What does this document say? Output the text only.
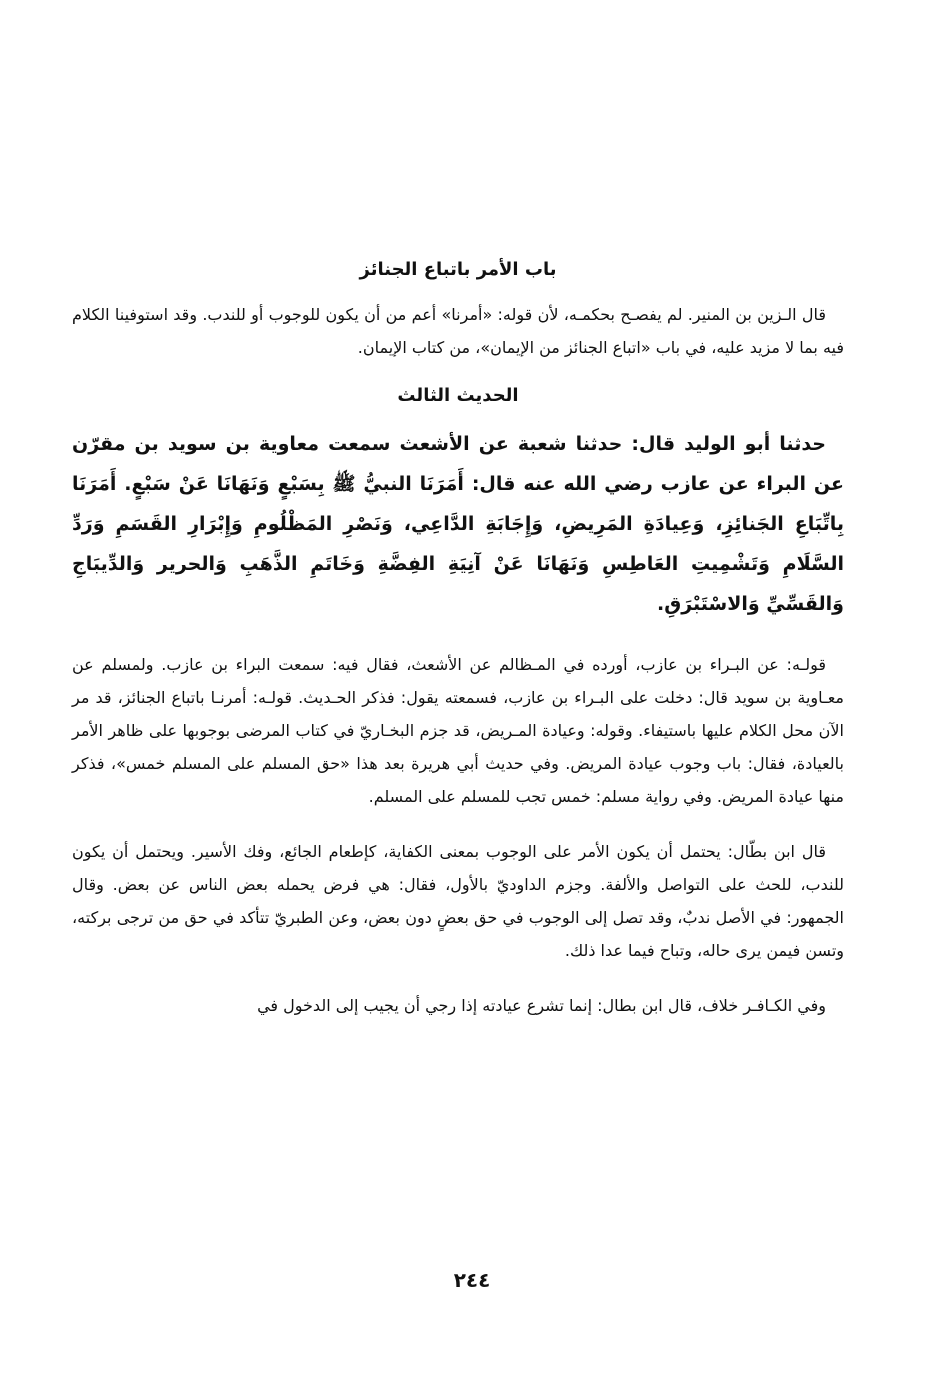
باب الأمر باتباع الجنائز

قال الـزين بن المنير. لم يفصـح بحكمـه، لأن قوله: «أمرنا» أعم من أن يكون للوجوب أو للندب. وقد استوفينا الكلام فيه بما لا مزيد عليه، في باب «اتباع الجنائز من الإيمان»، من كتاب الإيمان.

الحديث الثالث

حدثنا أبو الوليد قال: حدثنا شعبة عن الأشعث سمعت معاوية بن سويد بن مقرّن عن البراء عن عازب رضي الله عنه قال: أَمَرَنَا النبيُّ ﷺ بِسَبْعٍ وَنَهَانَا عَنْ سَبْعٍ. أَمَرَنَا بِاتِّبَاعِ الجَنائِزِ، وَعِيادَةِ المَرِيضِ، وَإِجَابَةِ الدَّاعِي، وَنَصْرِ المَظْلُومِ وَإِبْرَارِ القَسَمِ وَرَدِّ السَّلَامِ وَتَشْمِيتِ العَاطِسِ وَنَهَانَا عَنْ آنِيَةِ الفِضَّةِ وَخَاتَمِ الذَّهَبِ وَالحرير وَالدِّيبَاجِ وَالقَسِّيِّ وَالاسْتَبْرَقِ.

قولـه: عن البـراء بن عازب، أورده في المـظالم عن الأشعث، فقال فيه: سمعت البراء بن عازب. ولمسلم عن معـاوية بن سويد قال: دخلت على البـراء بن عازب، فسمعته يقول: فذكر الحـديث. قولـه: أمرنـا باتباع الجنائز، قد مر الآن محل الكلام عليها باستيفاء. وقوله: وعيادة المـريض، قد جزم البخـاريّ في كتاب المرضى بوجوبها على ظاهر الأمر بالعيادة، فقال: باب وجوب عيادة المريض. وفي حديث أبي هريرة بعد هذا «حق المسلم على المسلم خمس»، فذكر منها عيادة المريض. وفي رواية مسلم: خمس تجب للمسلم على المسلم.

قال ابن بطّال: يحتمل أن يكون الأمر على الوجوب بمعنى الكفاية، كإطعام الجائع، وفك الأسير. ويحتمل أن يكون للندب، للحث على التواصل والألفة. وجزم الداوديّ بالأول، فقال: هي فرض يحمله بعض الناس عن بعض. وقال الجمهور: في الأصل ندبٌ، وقد تصل إلى الوجوب في حق بعضٍ دون بعض، وعن الطبريّ تتأكد في حق من ترجى بركته، وتسن فيمن يرى حاله، وتباح فيما عدا ذلك.

وفي الكـافـر خلاف، قال ابن بطال: إنما تشرع عيادته إذا رجي أن يجيب إلى الدخول في

٢٤٤
